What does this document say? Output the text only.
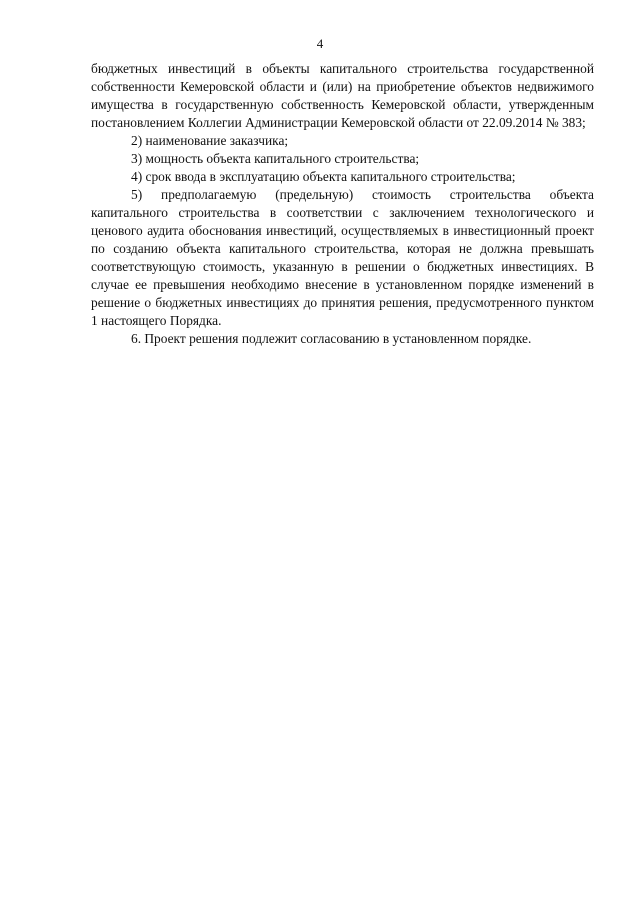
4

бюджетных инвестиций в объекты капитального строительства государственной собственности Кемеровской области и (или) на приобретение объектов недвижимого имущества в государственную собственность Кемеровской области, утвержденным постановлением Коллегии Администрации Кемеровской области от 22.09.2014 № 383;

2) наименование заказчика;

3) мощность объекта капитального строительства;

4) срок ввода в эксплуатацию объекта капитального строительства;

5) предполагаемую (предельную) стоимость строительства объекта капитального строительства в соответствии с заключением технологического и ценового аудита обоснования инвестиций, осуществляемых в инвестиционный проект по созданию объекта капитального строительства, которая не должна превышать соответствующую стоимость, указанную в решении о бюджетных инвестициях. В случае ее превышения необходимо внесение в установленном порядке изменений в решение о бюджетных инвестициях до принятия решения, предусмотренного пунктом 1 настоящего Порядка.

6. Проект решения подлежит согласованию в установленном порядке.
